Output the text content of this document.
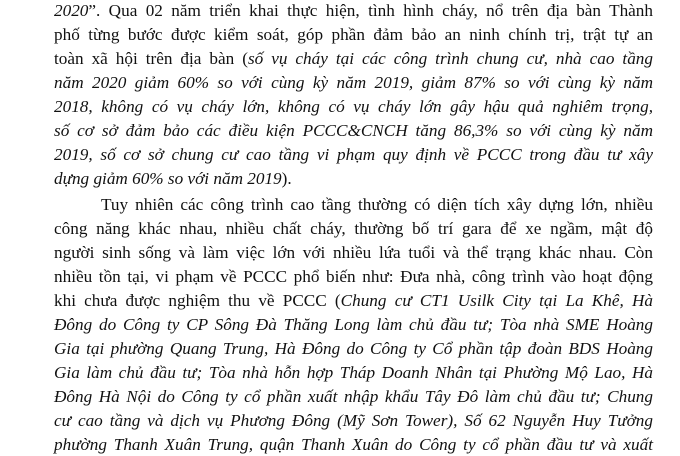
2020”. Qua 02 năm triển khai thực hiện, tình hình cháy, nổ trên địa bàn Thành
phố từng bước được kiểm soát, góp phần đảm bảo an ninh chính trị, trật tự an
toàn xã hội trên địa bàn (số vụ cháy tại các công trình chung cư, nhà cao tầng
năm 2020 giảm 60% so với cùng kỳ năm 2019, giảm 87% so với cùng kỳ năm
2018, không có vụ cháy lớn, không có vụ cháy lớn gây hậu quả nghiêm trọng,
số cơ sở đảm bảo các điều kiện PCCC&CNCH tăng 86,3% so với cùng kỳ năm
2019, số cơ sở chung cư cao tầng vi phạm quy định về PCCC trong đầu tư xây
dựng giảm 60% so với năm 2019).
Tuy nhiên các công trình cao tầng thường có diện tích xây dựng lớn, nhiều
công năng khác nhau, nhiều chất cháy, thường bố trí gara để xe ngầm, mật độ
người sinh sống và làm việc lớn với nhiều lứa tuổi và thể trạng khác nhau. Còn
nhiều tồn tại, vi phạm về PCCC phổ biến như: Đưa nhà, công trình vào hoạt động
khi chưa được nghiệm thu về PCCC (Chung cư CT1 Usilk City tại La Khê, Hà
Đông do Công ty CP Sông Đà Thăng Long làm chủ đầu tư; Tòa nhà SME Hoàng
Gia tại phường Quang Trung, Hà Đông do Công ty Cổ phần tập đoàn BDS Hoàng
Gia làm chủ đầu tư; Tòa nhà hỗn hợp Tháp Doanh Nhân tại Phường Mộ Lao, Hà
Đông Hà Nội do Công ty cổ phần xuất nhập khẩu Tây Đô làm chủ đầu tư; Chung
cư cao tầng và dịch vụ Phương Đông (Mỹ Sơn Tower), Số 62 Nguyễn Huy Tưởng
phường Thanh Xuân Trung, quận Thanh Xuân do Công ty cổ phần đầu tư và xuất
